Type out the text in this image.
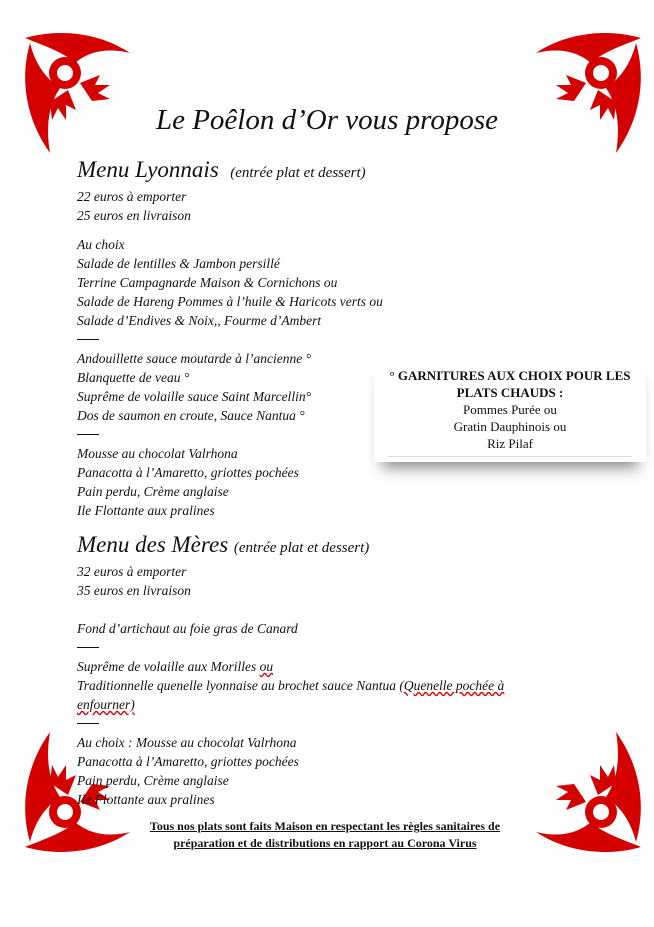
Le Poêlon d’Or vous propose
Menu Lyonnais (entrée plat et dessert)
22 euros à emporter
25 euros en livraison
Au choix
Salade de lentilles & Jambon persillé
Terrine Campagnarde Maison & Cornichons ou
Salade de Hareng Pommes à l’huile & Haricots verts ou
Salade d’Endives & Noix,, Fourme d’Ambert
Andouillette sauce moutarde à l’ancienne °
Blanquette de veau °
Suprême de volaille sauce Saint Marcellin°
Dos de saumon en croute, Sauce Nantua °
Mousse au chocolat Valrhona
Panacotta à l’Amaretto, griottes pochées
Pain perdu, Crème anglaise
Ile Flottante aux pralines
° GARNITURES AUX CHOIX POUR LES PLATS CHAUDS :
Pommes Purée ou
Gratin Dauphinois ou
Riz Pilaf
Menu des Mères (entrée plat et dessert)
32 euros à emporter
35 euros en livraison
Fond d’artichaut au foie gras de Canard
Suprême de volaille aux Morilles ou
Traditionnelle quenelle lyonnaise au brochet sauce Nantua (Quenelle pochée à enfourner)
Au choix : Mousse au chocolat Valrhona
Panacotta à l’Amaretto, griottes pochées
Pain perdu, Crème anglaise
Ile Flottante aux pralines
Tous nos plats sont faits Maison en respectant les règles sanitaires de préparation et de distributions en rapport au Corona Virus
